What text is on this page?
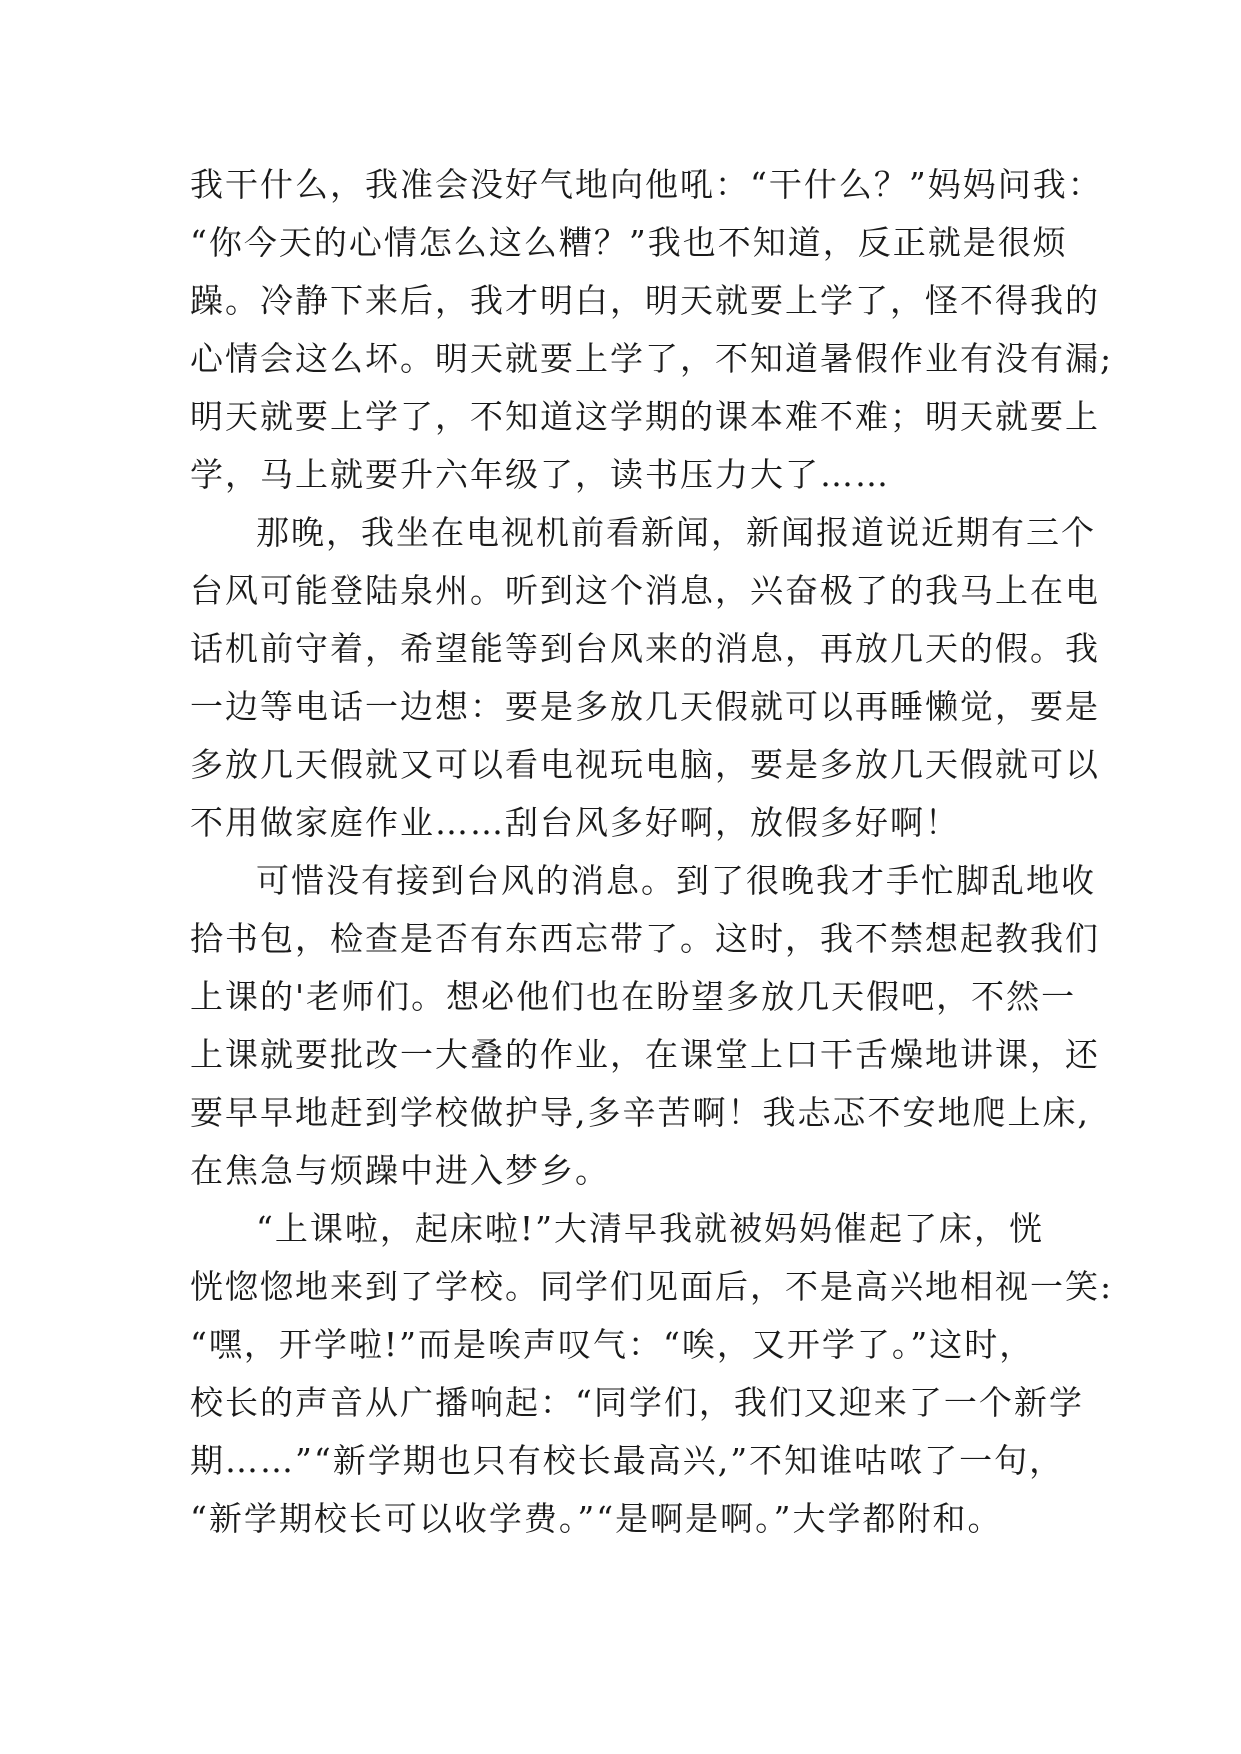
我干什么，我准会没好气地向他吼：“干什么？”妈妈问我：
“你今天的心情怎么这么糟？”我也不知道，反正就是很烦
躁。冷静下来后，我才明白，明天就要上学了，怪不得我的
心情会这么坏。明天就要上学了，不知道暑假作业有没有漏;
明天就要上学了，不知道这学期的课本难不难；明天就要上
学，马上就要升六年级了，读书压力大了……
那晚，我坐在电视机前看新闻，新闻报道说近期有三个
台风可能登陆泉州。听到这个消息，兴奋极了的我马上在电
话机前守着，希望能等到台风来的消息，再放几天的假。我
一边等电话一边想：要是多放几天假就可以再睡懒觉，要是
多放几天假就又可以看电视玩电脑，要是多放几天假就可以
不用做家庭作业……刮台风多好啊，放假多好啊！
可惜没有接到台风的消息。到了很晚我才手忙脚乱地收
拾书包，检查是否有东西忘带了。这时，我不禁想起教我们
上课的'老师们。想必他们也在盼望多放几天假吧，不然一
上课就要批改一大叠的作业，在课堂上口干舌燥地讲课，还
要早早地赶到学校做护导,多辛苦啊！我忐忑不安地爬上床,
在焦急与烦躁中进入梦乡。
“上课啦，起床啦!”大清早我就被妈妈催起了床，恍
恍惚惚地来到了学校。同学们见面后，不是高兴地相视一笑:
“嘿，开学啦!”而是唉声叹气：“唉，又开学了。”这时，
校长的声音从广播响起：“同学们，我们又迎来了一个新学
期……”“新学期也只有校长最高兴,”不知谁咕哝了一句，
“新学期校长可以收学费。”“是啊是啊。”大学都附和。
